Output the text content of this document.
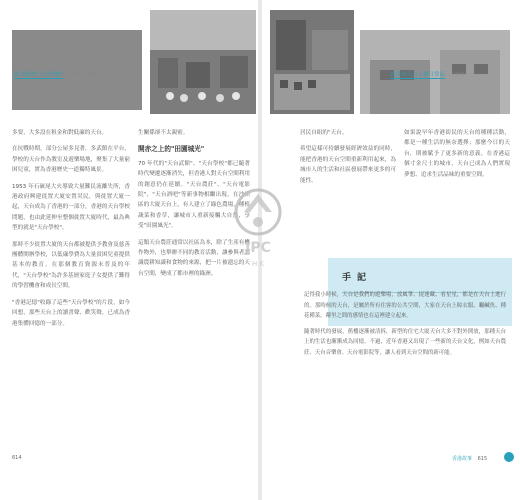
實大廈的"天台學校" 香港記憶圖書館

多要，大多設在租金和對低廉的天台。

在抗戰時期，部分公屋多見著，多武館在平台，學校的天台作為教室及遊樂場地，聚集了大量窮困兒童，實為香港歷史一道獨特風景。

1953 年石硤尾大火導致大量難民流離失所，香港政府興建徙置大廈安置災民，與徙置大廈一起，天台成為了香港的一部分，香港的天台學校問題，也由此延伸至整個徙置大廈時代，最為典型的就是"天台學校"。

那時不少徙置大廈的天台都被提供予教會及慈善團體開辦學校，以低廉學費為大量貧困兒童提供基本的教育。在那個教育資源未普及的年代，"天台學校"為許多基層家庭子女提供了難得的學習機會和成長空間。

"香港記憶"收錄了這些"天台學校"的片段，如今回想，那些天台上的讀書聲、歡笑聲，已成為香港集體回憶的一部分。

生關係卻不太親密。

開赤之上的"田園城光"

70 年代的"天台武館"、"天台學校"都已隨著時代變遷逐漸消失，但香港人對天台空間利用的創意仍在延續。"天台農莊"、"天台電影院"、"天台酒吧"等新事物相繼出現，在沙田區的大廈天台上，有人建立了綠色農場，種植蔬菜和香草，讓城市人重新接觸大自然，享受"田園風光"。

這類天台農莊通常以社區為本，除了生產有機作物外，也舉辦不同的教育活動，讓參與者認識農耕知識和食物的來源，把一片被遺忘的天台空間，變成了都市裡的綠洲。

614
黃奇的天台上種日常品 文件集

居民自組的"天台。

希望這樣可持續發展經濟效益的同時，能把香港的天台空間重新利用起來，為城市人的生活和社區發展帶來更多的可能性。

如果說早年香港街民的天台的種種活動，都是一種生活的無奈選擇；那麼今日的天台，則被賦予了更多新的意義。在香港這個寸金尺土的城市，天台已成為人們實現夢想、追求生活品味的重要空間。

手記

記得我小時候，天台是我們的遊樂場，放風箏、捉迷藏、看星星，都是在天台上進行的。那時候的天台，是屬於所有住客的公共空間，大家在天台上晾衣服、曬鹹魚、種花種菜，鄰里之間的感情也在這裡建立起來。

隨著時代的發展，舊樓逐漸被清拆，新型的住宅大廈天台大多不對外開放，那種天台上的生活也漸漸成為回憶。不過，近年香港又出現了一些新的天台文化，例如天台農莊、天台音樂會、天台電影院等，讓人看到天台空間的新可能。

香港故事 615
JPC
H K
